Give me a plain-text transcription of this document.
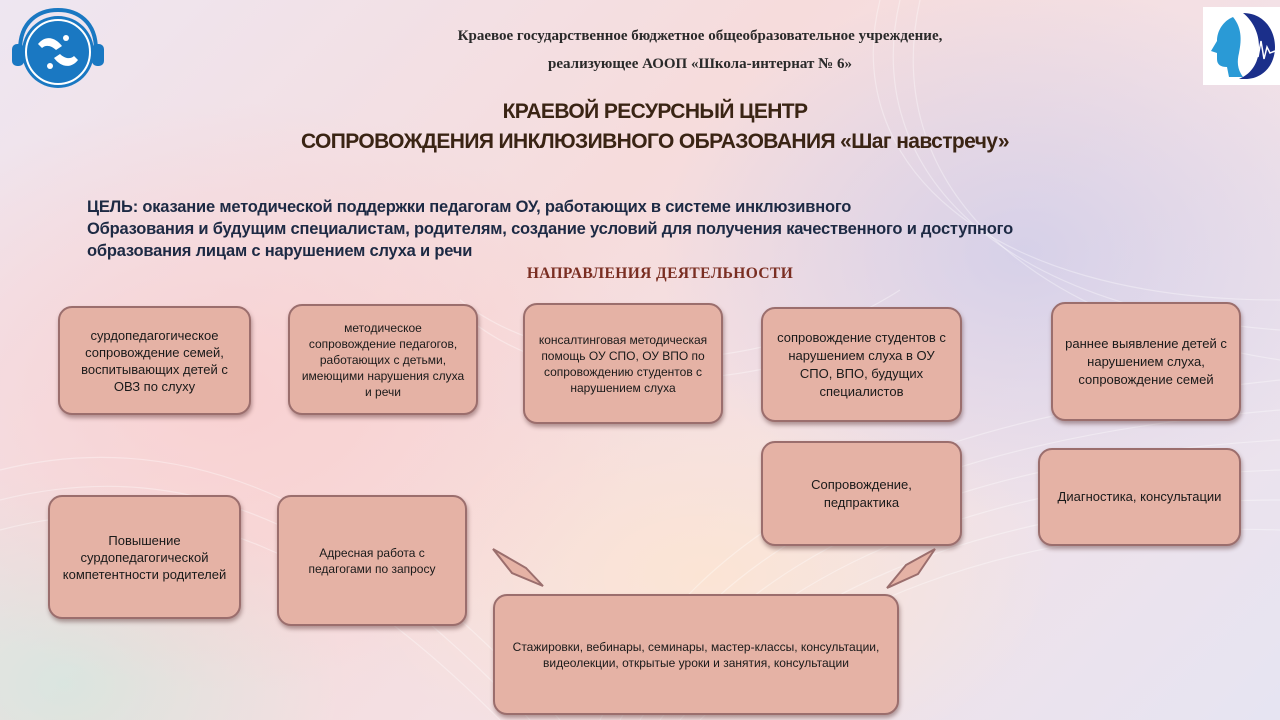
Краевое государственное бюджетное общеобразовательное учреждение,
реализующее АООП «Школа-интернат № 6»
КРАЕВОЙ РЕСУРСНЫЙ ЦЕНТР
СОПРОВОЖДЕНИЯ ИНКЛЮЗИВНОГО ОБРАЗОВАНИЯ «Шаг навстречу»
ЦЕЛЬ: оказание методической поддержки педагогам ОУ, работающих в системе инклюзивного
Образования и будущим специалистам, родителям, создание условий для получения качественного и доступного
образования лицам с нарушением слуха и речи
НАПРАВЛЕНИЯ ДЕЯТЕЛЬНОСТИ
сурдопедагогическое сопровождение семей, воспитывающих детей с ОВЗ по слуху
методическое сопровождение педагогов, работающих с детьми, имеющими нарушения слуха и речи
консалтинговая методическая помощь ОУ СПО, ОУ ВПО по сопровождению студентов с нарушением слуха
сопровождение студентов с нарушением слуха в ОУ СПО, ВПО, будущих специалистов
раннее выявление детей с нарушением слуха, сопровождение семей
Сопровождение, педпрактика	Диагностика, консультации
Повышение сурдопедагогической компетентности родителей
Адресная работа с педагогами по запросу
Стажировки, вебинары, семинары, мастер-классы, консультации, видеолекции, открытые уроки и занятия, консультации
